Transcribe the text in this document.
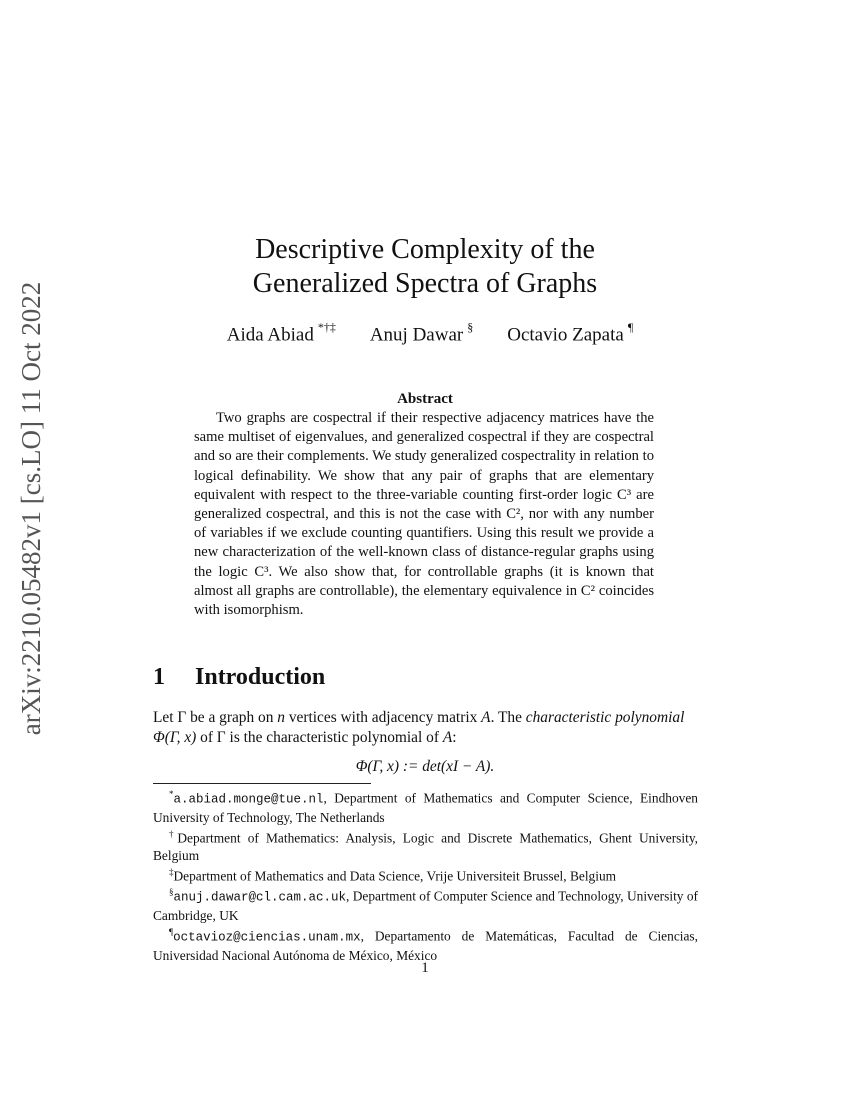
arXiv:2210.05482v1 [cs.LO] 11 Oct 2022
Descriptive Complexity of the
Generalized Spectra of Graphs
Aida Abiad *†‡ Anuj Dawar § Octavio Zapata ¶
Abstract
Two graphs are cospectral if their respective adjacency matrices have the same multiset of eigenvalues, and generalized cospectral if they are cospectral and so are their complements. We study generalized cospectrality in relation to logical definability. We show that any pair of graphs that are elementary equivalent with respect to the three-variable counting first-order logic C³ are generalized cospectral, and this is not the case with C², nor with any number of variables if we exclude counting quantifiers. Using this result we provide a new characterization of the well-known class of distance-regular graphs using the logic C³. We also show that, for controllable graphs (it is known that almost all graphs are controllable), the elementary equivalence in C² coincides with isomorphism.
1 Introduction
Let Γ be a graph on n vertices with adjacency matrix A. The characteristic polynomial
Φ(Γ, x) of Γ is the characteristic polynomial of A:
Φ(Γ, x) := det(xI − A).
*a.abiad.monge@tue.nl, Department of Mathematics and Computer Science, Eindhoven University of Technology, The Netherlands
†Department of Mathematics: Analysis, Logic and Discrete Mathematics, Ghent University, Belgium
‡Department of Mathematics and Data Science, Vrije Universiteit Brussel, Belgium
§anuj.dawar@cl.cam.ac.uk, Department of Computer Science and Technology, University of Cambridge, UK
¶octavioz@ciencias.unam.mx, Departamento de Matemáticas, Facultad de Ciencias, Universidad Nacional Autónoma de México, México
1
